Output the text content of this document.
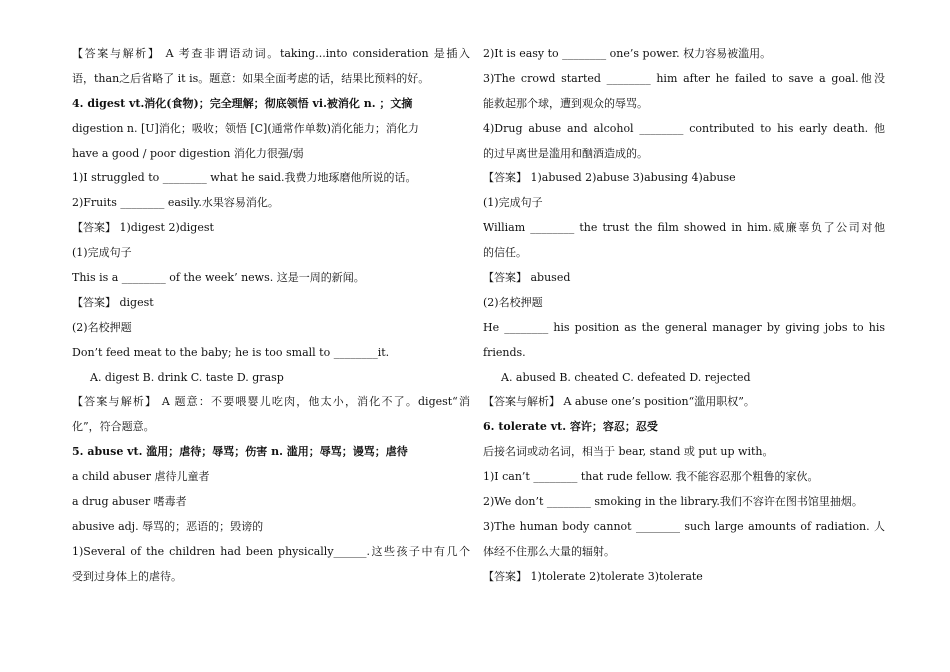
【答案与解析】 A 考查非谓语动词。taking...into consideration 是插入
语，than之后省略了 it is。题意：如果全面考虑的话，结果比预料的好。
4. digest vt.消化(食物)；完全理解；彻底领悟 vi.被消化 n. ；文摘
digestion n. [U]消化；吸收；领悟 [C](通常作单数)消化能力；消化力
have a good / poor digestion 消化力很强/弱
1)I struggled to ________ what he said.我费力地琢磨他所说的话。
2)Fruits ________ easily.水果容易消化。
【答案】 1)digest 2)digest
(1)完成句子
This is a ________ of the week’ news. 这是一周的新闻。
【答案】 digest
(2)名校押题
Don’t feed meat to the baby; he is too small to ________it.
A. digest B. drink C. taste D. grasp
【答案与解析】 A 题意：不要喂婴儿吃肉，他太小，消化不了。digest“消
化”，符合题意。
5. abuse vt. 滥用；虐待；辱骂；伤害 n. 滥用；辱骂；谩骂；虐待
a child abuser 虐待儿童者
a drug abuser 嗜毒者
abusive adj. 辱骂的；恶语的；毁谤的
1)Several of the children had been physically______.这些孩子中有几个
受到过身体上的虐待。
2)It is easy to ________ one’s power. 权力容易被滥用。
3)The crowd started ________ him after he failed to save a goal.他没
能救起那个球，遭到观众的辱骂。
4)Drug abuse and alcohol ________ contributed to his early death. 他
的过早离世是滥用和酗酒造成的。
【答案】 1)abused 2)abuse 3)abusing 4)abuse
(1)完成句子
William ________ the trust the film showed in him.威廉辜负了公司对他
的信任。
【答案】 abused
(2)名校押题
He ________ his position as the general manager by giving jobs to his
friends.
A. abused B. cheated C. defeated D. rejected
【答案与解析】 A abuse one’s position“滥用职权”。
6. tolerate vt. 容许；容忍；忍受
后接名词或动名词，相当于 bear, stand 或 put up with。
1)I can’t ________ that rude fellow. 我不能容忍那个粗鲁的家伙。
2)We don’t ________ smoking in the library.我们不容许在图书馆里抽烟。
3)The human body cannot ________ such large amounts of radiation. 人
体经不住那么大量的辐射。
【答案】 1)tolerate 2)tolerate 3)tolerate
